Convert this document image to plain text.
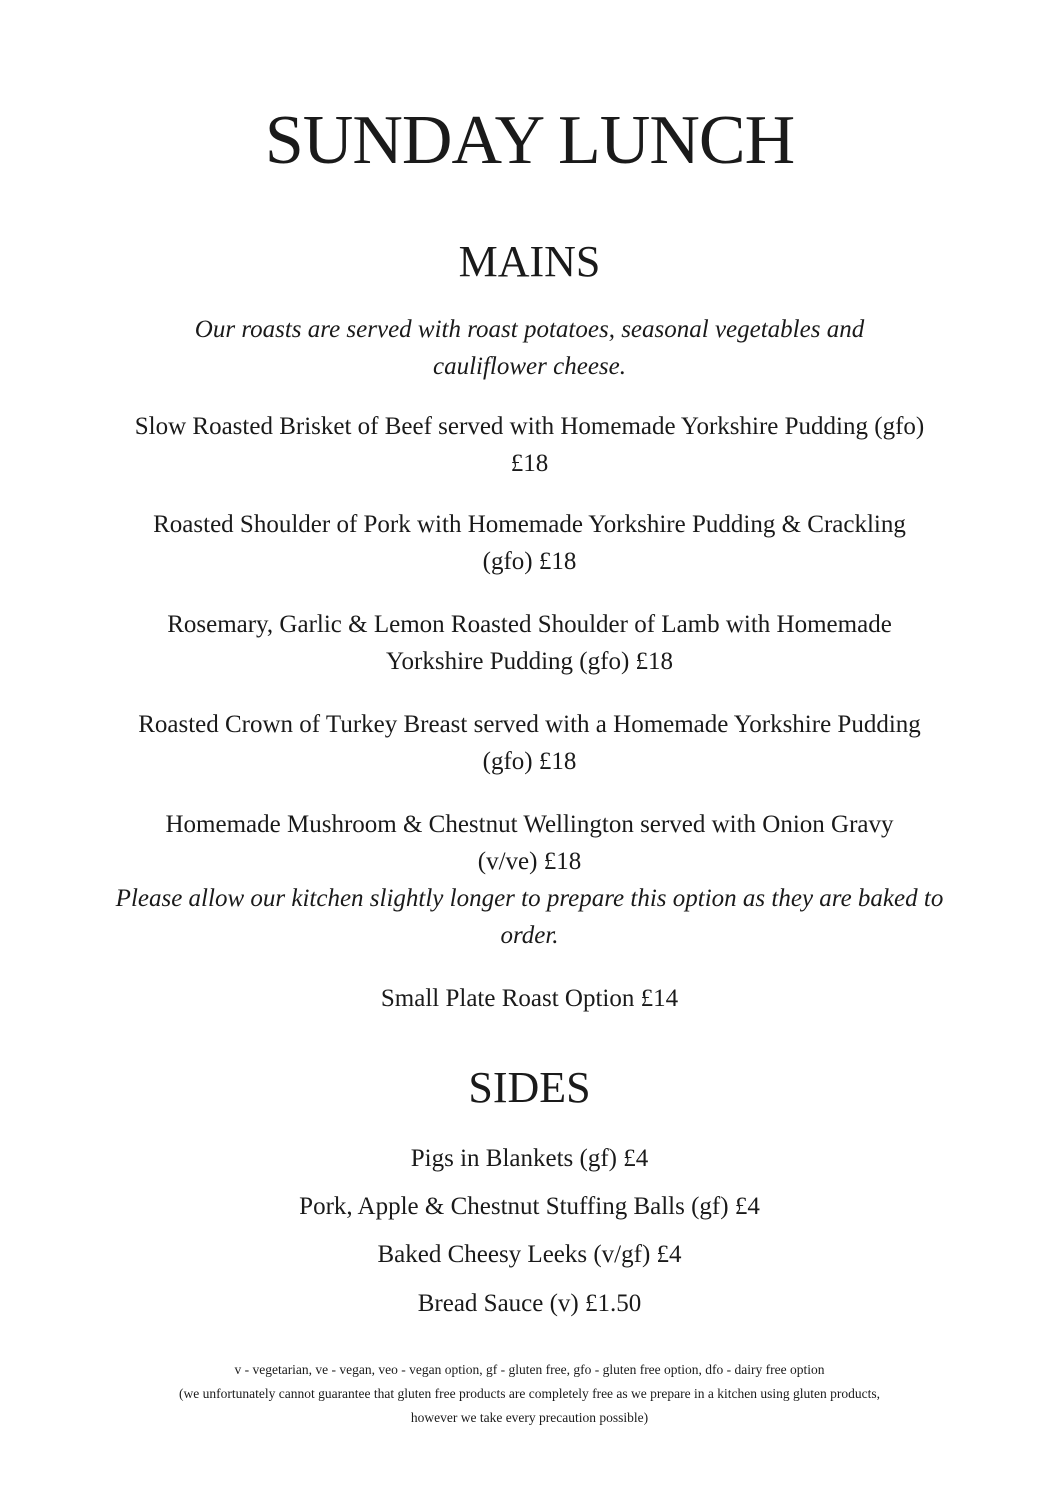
SUNDAY LUNCH
MAINS
Our roasts are served with roast potatoes, seasonal vegetables and
cauliflower cheese.
Slow Roasted Brisket of Beef served with Homemade Yorkshire Pudding (gfo)
£18
Roasted Shoulder of Pork with Homemade Yorkshire Pudding & Crackling
(gfo) £18
Rosemary, Garlic & Lemon Roasted Shoulder of Lamb with Homemade
Yorkshire Pudding (gfo) £18
Roasted Crown of Turkey Breast served with a Homemade Yorkshire Pudding
(gfo) £18
Homemade Mushroom & Chestnut Wellington served with Onion Gravy
(v/ve) £18
Please allow our kitchen slightly longer to prepare this option as they are baked to
order.
Small Plate Roast Option £14
SIDES
Pigs in Blankets (gf) £4
Pork, Apple & Chestnut Stuffing Balls (gf) £4
Baked Cheesy Leeks (v/gf) £4
Bread Sauce (v) £1.50
v - vegetarian, ve - vegan, veo - vegan option, gf - gluten free, gfo - gluten free option, dfo - dairy free option
(we unfortunately cannot guarantee that gluten free products are completely free as we prepare in a kitchen using gluten products,
however we take every precaution possible)
